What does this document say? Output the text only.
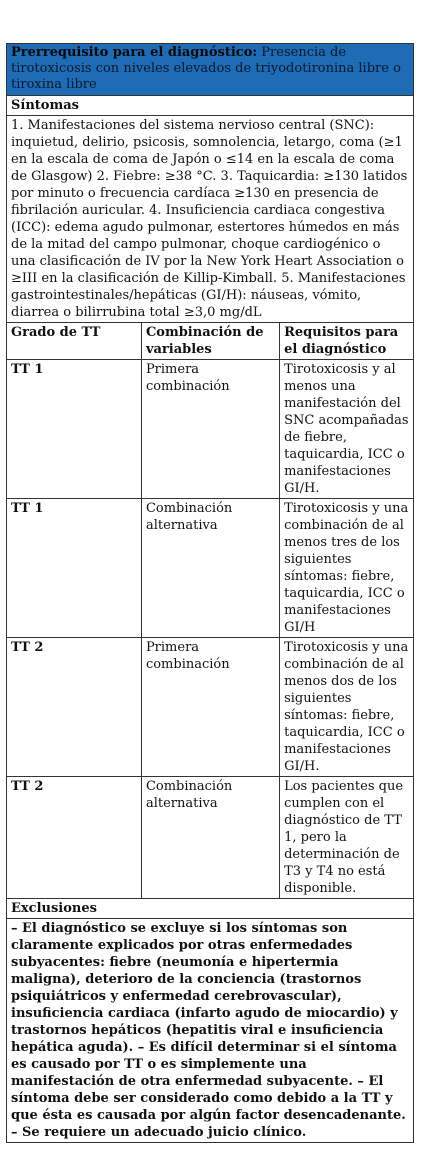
Prerrequisito para el diagnóstico: Presencia de tirotoxicosis con niveles elevados de triyodotironina libre o tiroxina libre		
Síntomas		
1. Manifestaciones del sistema nervioso central (SNC): inquietud, delirio, psicosis, somnolencia, letargo, coma (≥1 en la escala de coma de Japón o ≤14 en la escala de coma de Glasgow) 2. Fiebre: ≥38 °C. 3. Taquicardia: ≥130 latidos por minuto o frecuencia cardíaca ≥130 en presencia de fibrilación auricular. 4. Insuficiencia cardiaca congestiva (ICC): edema agudo pulmonar, estertores húmedos en más de la mitad del campo pulmonar, choque cardiogénico o una clasificación de IV por la New York Heart Association o ≥III en la clasificación de Killip-Kimball. 5. Manifestaciones gastrointestinales/hepáticas (GI/H): náuseas, vómito, diarrea o bilirrubina total ≥3,0 mg/dL		
Grado de TT	Combinación de variables	Requisitos para el diagnóstico
TT 1	Primera combinación	Tirotoxicosis y al menos una manifestación del SNC acompañadas de fiebre, taquicardia, ICC o manifestaciones GI/H.
TT 1	Combinación alternativa	Tirotoxicosis y una combinación de al menos tres de los siguientes síntomas: fiebre, taquicardia, ICC o manifestaciones GI/H
TT 2	Primera combinación	Tirotoxicosis y una combinación de al menos dos de los siguientes síntomas: fiebre, taquicardia, ICC o manifestaciones GI/H.
TT 2	Combinación alternativa	Los pacientes que cumplen con el diagnóstico de TT 1, pero la determinación de T3 y T4 no está disponible.
Exclusiones		
– El diagnóstico se excluye si los síntomas son claramente explicados por otras enfermedades subyacentes: fiebre (neumonía e hipertermia maligna), deterioro de la conciencia (trastornos psiquiátricos y enfermedad cerebrovascular), insuficiencia cardiaca (infarto agudo de miocardio) y trastornos hepáticos (hepatitis viral e insuficiencia hepática aguda). – Es difícil determinar si el síntoma es causado por TT o es simplemente una manifestación de otra enfermedad subyacente. – El síntoma debe ser considerado como debido a la TT y que ésta es causada por algún factor desencadenante. – Se requiere un adecuado juicio clínico.		
